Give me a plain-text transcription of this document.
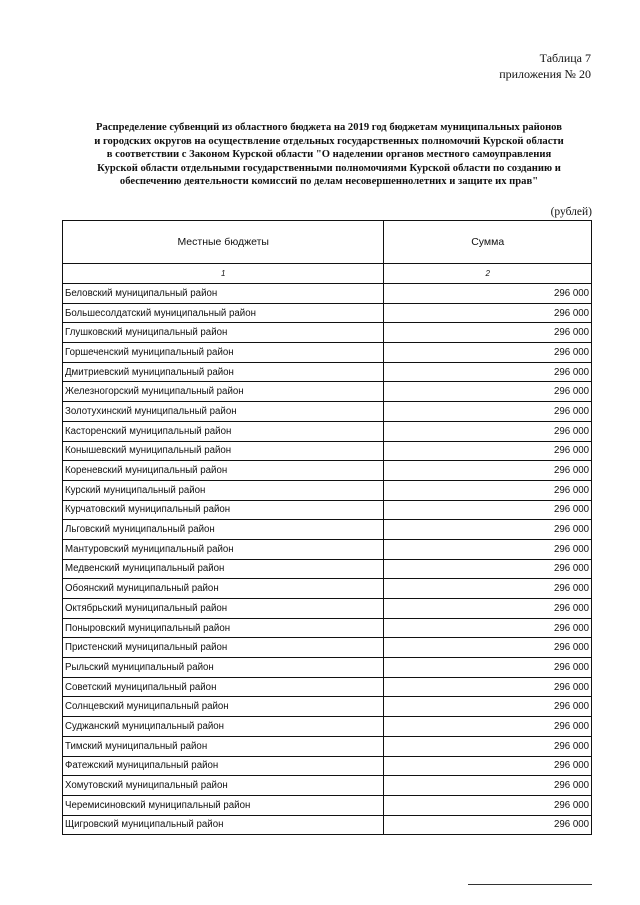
Таблица 7
приложения № 20
Распределение субвенций из областного бюджета на 2019 год бюджетам муниципальных районов
и городских округов на осуществление отдельных государственных полномочий Курской области
в соответствии с Законом Курской области "О наделении органов местного самоуправления
Курской области отдельными государственными полномочиями Курской области по созданию и
обеспечению деятельности комиссий по делам несовершеннолетних и защите их прав"
(рублей)
Местные бюджеты	Сумма
1	2
Беловский муниципальный район	296 000
Большесолдатский муниципальный район	296 000
Глушковский муниципальный район	296 000
Горшеченский муниципальный район	296 000
Дмитриевский муниципальный район	296 000
Железногорский муниципальный район	296 000
Золотухинский муниципальный район	296 000
Касторенский муниципальный район	296 000
Конышевский муниципальный район	296 000
Кореневский муниципальный район	296 000
Курский муниципальный район	296 000
Курчатовский муниципальный район	296 000
Льговский муниципальный район	296 000
Мантуровский муниципальный район	296 000
Медвенский муниципальный район	296 000
Обоянский муниципальный район	296 000
Октябрьский муниципальный район	296 000
Поныровский муниципальный район	296 000
Пристенский муниципальный район	296 000
Рыльский муниципальный район	296 000
Советский муниципальный район	296 000
Солнцевский муниципальный район	296 000
Суджанский муниципальный район	296 000
Тимский муниципальный район	296 000
Фатежский муниципальный район	296 000
Хомутовский муниципальный район	296 000
Черемисиновский муниципальный район	296 000
Щигровский муниципальный район	296 000
